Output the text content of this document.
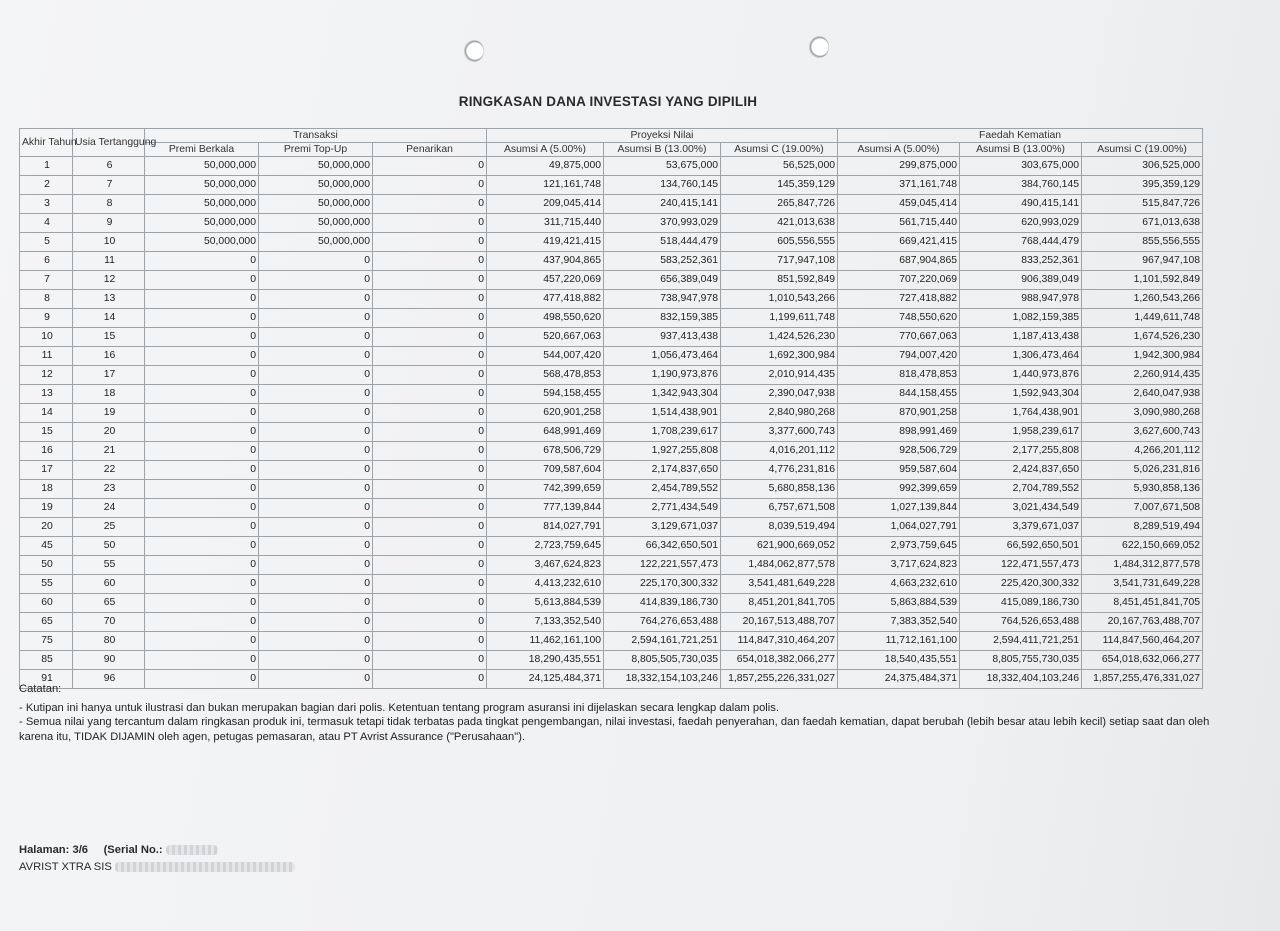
RINGKASAN DANA INVESTASI YANG DIPILIH
Akhir Tahun	Usia Tertanggung	Transaksi			Proyeksi Nilai			Faedah Kematian		
		Premi Berkala	Premi Top-Up	Penarikan	Asumsi A (5.00%)	Asumsi B (13.00%)	Asumsi C (19.00%)	Asumsi A (5.00%)	Asumsi B (13.00%)	Asumsi C (19.00%)
1	6	50,000,000	50,000,000	0	49,875,000	53,675,000	56,525,000	299,875,000	303,675,000	306,525,000
2	7	50,000,000	50,000,000	0	121,161,748	134,760,145	145,359,129	371,161,748	384,760,145	395,359,129
3	8	50,000,000	50,000,000	0	209,045,414	240,415,141	265,847,726	459,045,414	490,415,141	515,847,726
4	9	50,000,000	50,000,000	0	311,715,440	370,993,029	421,013,638	561,715,440	620,993,029	671,013,638
5	10	50,000,000	50,000,000	0	419,421,415	518,444,479	605,556,555	669,421,415	768,444,479	855,556,555
6	11	0	0	0	437,904,865	583,252,361	717,947,108	687,904,865	833,252,361	967,947,108
7	12	0	0	0	457,220,069	656,389,049	851,592,849	707,220,069	906,389,049	1,101,592,849
8	13	0	0	0	477,418,882	738,947,978	1,010,543,266	727,418,882	988,947,978	1,260,543,266
9	14	0	0	0	498,550,620	832,159,385	1,199,611,748	748,550,620	1,082,159,385	1,449,611,748
10	15	0	0	0	520,667,063	937,413,438	1,424,526,230	770,667,063	1,187,413,438	1,674,526,230
11	16	0	0	0	544,007,420	1,056,473,464	1,692,300,984	794,007,420	1,306,473,464	1,942,300,984
12	17	0	0	0	568,478,853	1,190,973,876	2,010,914,435	818,478,853	1,440,973,876	2,260,914,435
13	18	0	0	0	594,158,455	1,342,943,304	2,390,047,938	844,158,455	1,592,943,304	2,640,047,938
14	19	0	0	0	620,901,258	1,514,438,901	2,840,980,268	870,901,258	1,764,438,901	3,090,980,268
15	20	0	0	0	648,991,469	1,708,239,617	3,377,600,743	898,991,469	1,958,239,617	3,627,600,743
16	21	0	0	0	678,506,729	1,927,255,808	4,016,201,112	928,506,729	2,177,255,808	4,266,201,112
17	22	0	0	0	709,587,604	2,174,837,650	4,776,231,816	959,587,604	2,424,837,650	5,026,231,816
18	23	0	0	0	742,399,659	2,454,789,552	5,680,858,136	992,399,659	2,704,789,552	5,930,858,136
19	24	0	0	0	777,139,844	2,771,434,549	6,757,671,508	1,027,139,844	3,021,434,549	7,007,671,508
20	25	0	0	0	814,027,791	3,129,671,037	8,039,519,494	1,064,027,791	3,379,671,037	8,289,519,494
45	50	0	0	0	2,723,759,645	66,342,650,501	621,900,669,052	2,973,759,645	66,592,650,501	622,150,669,052
50	55	0	0	0	3,467,624,823	122,221,557,473	1,484,062,877,578	3,717,624,823	122,471,557,473	1,484,312,877,578
55	60	0	0	0	4,413,232,610	225,170,300,332	3,541,481,649,228	4,663,232,610	225,420,300,332	3,541,731,649,228
60	65	0	0	0	5,613,884,539	414,839,186,730	8,451,201,841,705	5,863,884,539	415,089,186,730	8,451,451,841,705
65	70	0	0	0	7,133,352,540	764,276,653,488	20,167,513,488,707	7,383,352,540	764,526,653,488	20,167,763,488,707
75	80	0	0	0	11,462,161,100	2,594,161,721,251	114,847,310,464,207	11,712,161,100	2,594,411,721,251	114,847,560,464,207
85	90	0	0	0	18,290,435,551	8,805,505,730,035	654,018,382,066,277	18,540,435,551	8,805,755,730,035	654,018,632,066,277
91	96	0	0	0	24,125,484,371	18,332,154,103,246	1,857,255,226,331,027	24,375,484,371	18,332,404,103,246	1,857,255,476,331,027

Catatan:

- Kutipan ini hanya untuk ilustrasi dan bukan merupakan bagian dari polis. Ketentuan tentang program asuransi ini dijelaskan secara lengkap dalam polis.

- Semua nilai yang tercantum dalam ringkasan produk ini, termasuk tetapi tidak terbatas pada tingkat pengembangan, nilai investasi, faedah penyerahan, dan faedah kematian, dapat berubah (lebih besar atau lebih kecil) setiap saat dan oleh karena itu, TIDAK DIJAMIN oleh agen, petugas pemasaran, atau PT Avrist Assurance ("Perusahaan").

Halaman: 3/6 (Serial No.:
AVRIST XTRA SIS
